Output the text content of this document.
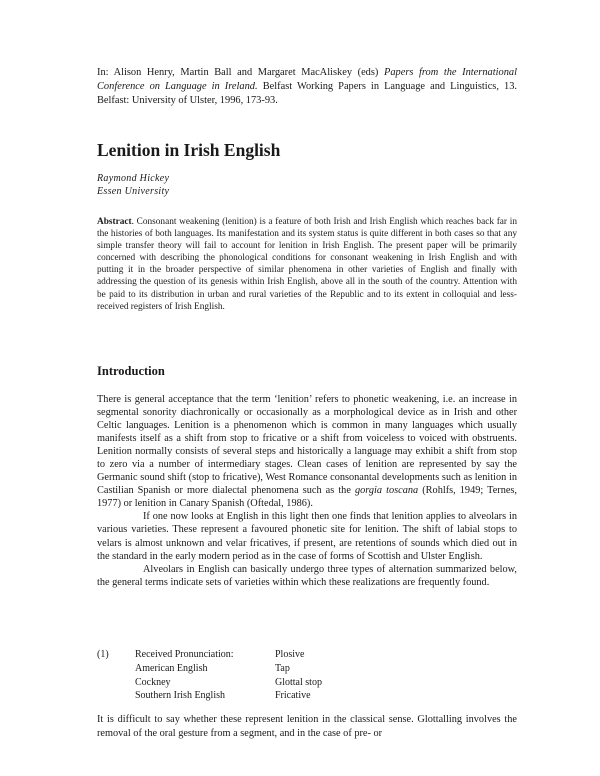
In: Alison Henry, Martin Ball and Margaret MacAliskey (eds) Papers from the International Conference on Language in Ireland. Belfast Working Papers in Language and Linguistics, 13. Belfast: University of Ulster, 1996, 173-93.
Lenition in Irish English
Raymond Hickey
Essen University

Abstract. Consonant weakening (lenition) is a feature of both Irish and Irish English which reaches back far in the histories of both languages. Its manifestation and its system status is quite different in both cases so that any simple transfer theory will fail to account for lenition in Irish English. The present paper will be primarily concerned with describing the phonological conditions for consonant weakening in Irish English and with putting it in the broader perspective of similar phenomena in other varieties of English and finally with addressing the question of its genesis within Irish English, above all in the south of the country. Attention with be paid to its distribution in urban and rural varieties of the Republic and to its extent in colloquial and less-received registers of Irish English.

Introduction

There is general acceptance that the term ‘lenition’ refers to phonetic weakening, i.e. an increase in segmental sonority diachronically or occasionally as a morphological device as in Irish and other Celtic languages. Lenition is a phenomenon which is common in many languages which usually manifests itself as a shift from stop to fricative or a shift from voiceless to voiced with obstruents. Lenition normally consists of several steps and historically a language may exhibit a shift from stop to zero via a number of intermediary stages. Clean cases of lenition are represented by say the Germanic sound shift (stop to fricative), West Romance consonantal developments such as lenition in Castilian Spanish or more dialectal phenomena such as the gorgia toscana (Rohlfs, 1949; Ternes, 1977) or lenition in Canary Spanish (Oftedal, 1986).

If one now looks at English in this light then one finds that lenition applies to alveolars in various varieties. These represent a favoured phonetic site for lenition. The shift of labial stops to velars is almost unknown and velar fricatives, if present, are retentions of sounds which died out in the standard in the early modern period as in the case of forms of Scottish and Ulster English.

Alveolars in English can basically undergo three types of alternation summarized below, the general terms indicate sets of varieties within which these realizations are frequently found.

(1)	Received Pronunciation:	Plosive
American English	Tap
Cockney	Glottal stop
Southern Irish English	Fricative

It is difficult to say whether these represent lenition in the classical sense. Glottalling involves the removal of the oral gesture from a segment, and in the case of pre- or
